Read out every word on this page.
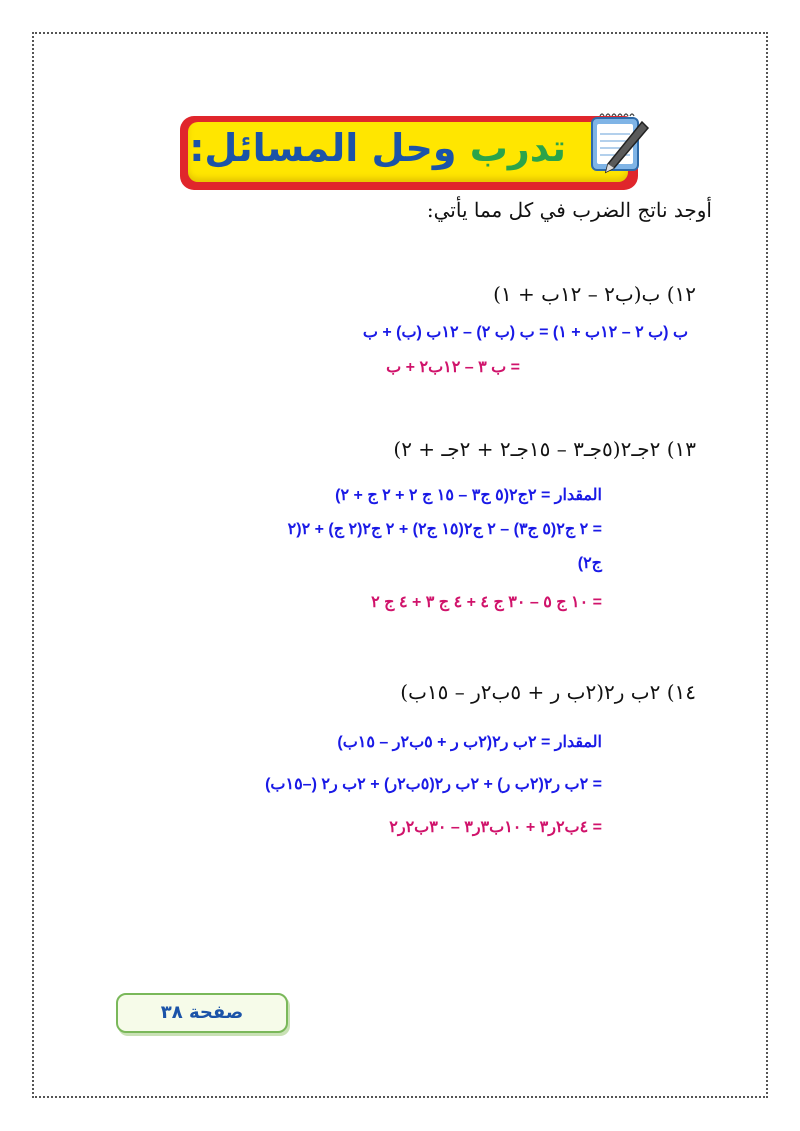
تدرب وحل المسائل:
أوجد ناتج الضرب في كل مما يأتي:
١٢) ب(ب٢ – ١٢ب + ١)
ب (ب ٢ – ١٢ب + ١) = ب (ب ٢) – ١٢ب (ب) + ب
= ب ٣ – ١٢ب٢ + ب
١٣) ٢جـ٢(٥جـ٣ – ١٥جـ٢ + ٢جـ + ٢)
المقدار = ٢ج٢(٥ ج٣ – ١٥ ج ٢ + ٢ ج + ٢)
= ٢ ج٢(٥ ج٣) – ٢ ج٢(١٥ ج٢) + ٢ ج٢(٢ ج) + ٢(٢
ج٢)
= ١٠ ج ٥ – ٣٠ ج ٤ + ٤ ج ٣ + ٤ ج ٢
١٤) ٢ب ر٢(٢ب ر + ٥ب٢ر – ١٥ب)
المقدار = ٢ب ر٢(٢ب ر + ٥ب٢ر – ١٥ب)
= ٢ب ر٢(٢ب ر) + ٢ب ر٢(٥ب٢ر) + ٢ب ر٢ (–١٥ب)
= ٤ب٢ر٣ + ١٠ب٣ر٣ – ٣٠ب٢ر٢
صفحة ٣٨
